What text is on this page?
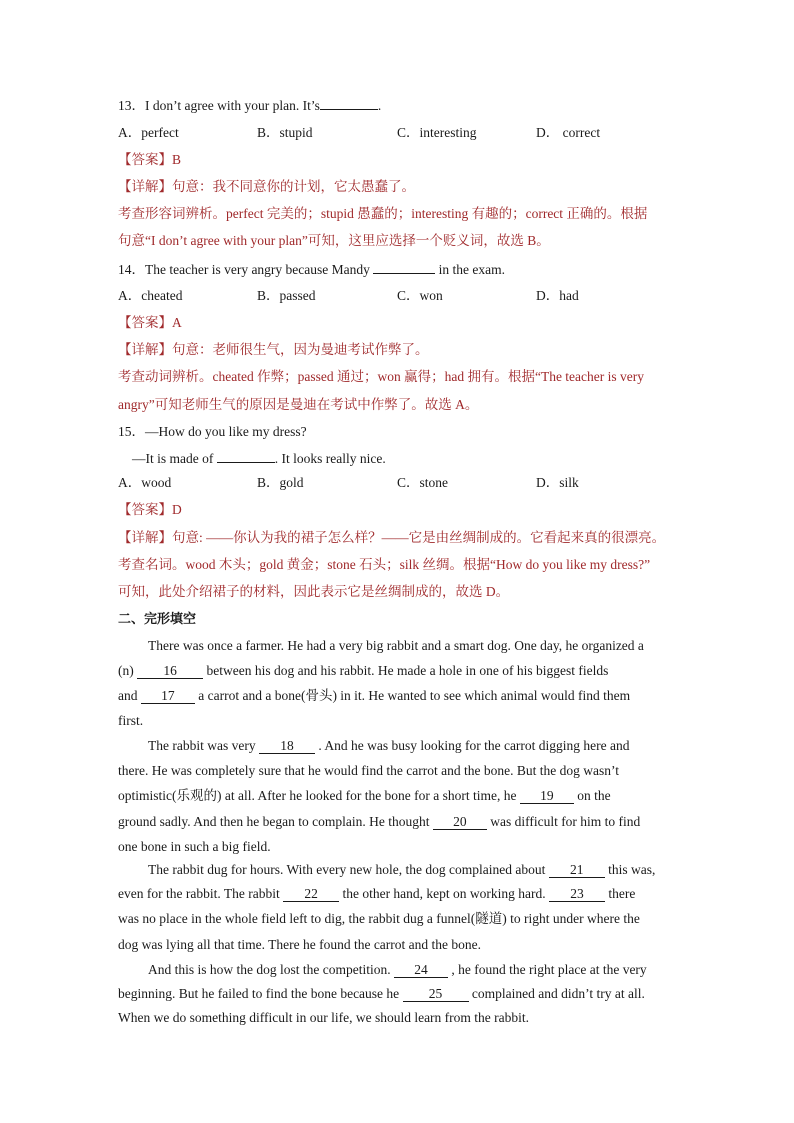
13．I don’t agree with your plan. It’s	.
A．perfect	B．stupid	C．interesting	D． correct
【答案】B
【详解】句意：我不同意你的计划，它太愚蠢了。
考查形容词辨析。perfect 完美的；stupid 愚蠢的；interesting 有趣的；correct 正确的。根据
句意“I don’t agree with your plan”可知，这里应选择一个贬义词，故选 B。
14．The teacher is very angry because Mandy	in the exam.
A．cheated	B．passed	C．won	D．had
【答案】A
【详解】句意：老师很生气，因为曼迪考试作弊了。
考查动词辨析。cheated 作弊；passed 通过；won 赢得；had 拥有。根据“The teacher is very
angry”可知老师生气的原因是曼迪在考试中作弊了。故选 A。
15．—How do you like my dress?
—It is made of	. It looks really nice.
A．wood	B．gold	C．stone	D．silk
【答案】D
【详解】句意: ——你认为我的裙子怎么样？——它是由丝绸制成的。它看起来真的很漂亮。
考查名词。wood 木头；gold 黄金；stone 石头；silk 丝绸。根据“How do you like my dress?”
可知，此处介绍裙子的材料，因此表示它是丝绸制成的，故选 D。
二、完形填空
There was once a farmer. He had a very big rabbit and a smart dog. One day, he organized a
(n) 16 between his dog and his rabbit. He made a hole in one of his biggest fields
and 17 a carrot and a bone(骨头) in it. He wanted to see which animal would find them
first.
The rabbit was very 18 . And he was busy looking for the carrot digging here and
there. He was completely sure that he would find the carrot and the bone. But the dog wasn’t
optimistic(乐观的) at all. After he looked for the bone for a short time, he 19 on the
ground sadly. And then he began to complain. He thought 20 was difficult for him to find
one bone in such a big field.
The rabbit dug for hours. With every new hole, the dog complained about 21 this was,
even for the rabbit. The rabbit 22 the other hand, kept on working hard. 23 there
was no place in the whole field left to dig, the rabbit dug a funnel(隧道) to right under where the
dog was lying all that time. There he found the carrot and the bone.
And this is how the dog lost the competition. 24 , he found the right place at the very
beginning. But he failed to find the bone because he 25 complained and didn’t try at all.
When we do something difficult in our life, we should learn from the rabbit.
